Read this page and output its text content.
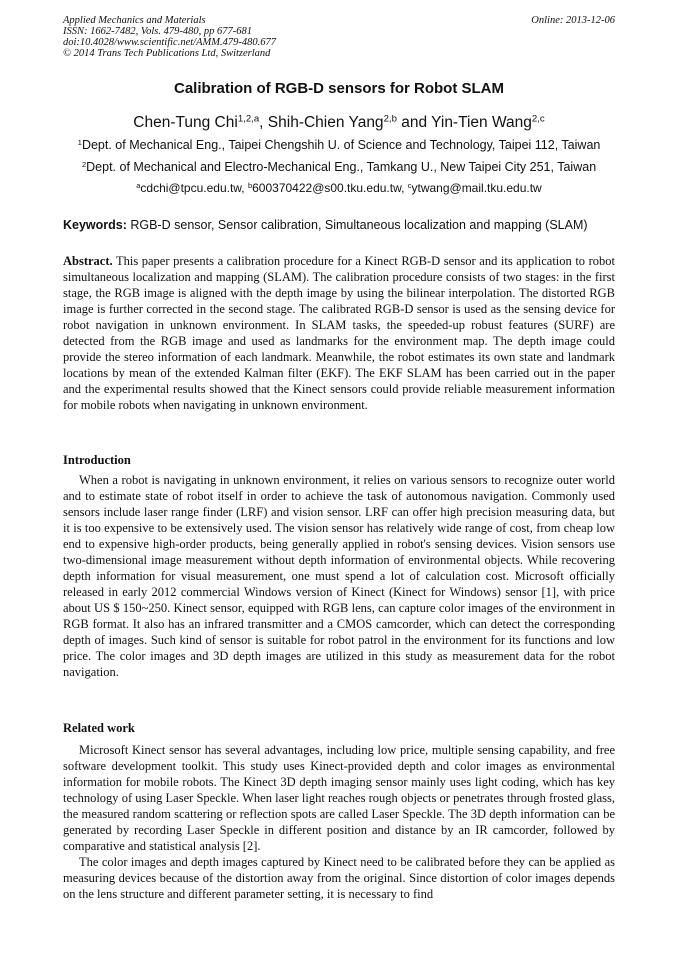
Applied Mechanics and Materials
ISSN: 1662-7482, Vols. 479-480, pp 677-681
doi:10.4028/www.scientific.net/AMM.479-480.677
© 2014 Trans Tech Publications Ltd, Switzerland
Online: 2013-12-06
Calibration of RGB-D sensors for Robot SLAM
Chen-Tung Chi$^{1,2,a}$, Shih-Chien Yang$^{2,b}$ and Yin-Tien Wang$^{2,c}$
$^1$Dept. of Mechanical Eng., Taipei Chengshih U. of Science and Technology, Taipei 112, Taiwan
$^2$Dept. of Mechanical and Electro-Mechanical Eng., Tamkang U., New Taipei City 251, Taiwan
$^a$cdchi@tpcu.edu.tw, $^b$600370422@s00.tku.edu.tw, $^c$ytwang@mail.tku.edu.tw
Keywords: RGB-D sensor, Sensor calibration, Simultaneous localization and mapping (SLAM)

Abstract. This paper presents a calibration procedure for a Kinect RGB-D sensor and its application to robot simultaneous localization and mapping (SLAM). The calibration procedure consists of two stages: in the first stage, the RGB image is aligned with the depth image by using the bilinear interpolation. The distorted RGB image is further corrected in the second stage. The calibrated RGB-D sensor is used as the sensing device for robot navigation in unknown environment. In SLAM tasks, the speeded-up robust features (SURF) are detected from the RGB image and used as landmarks for the environment map. The depth image could provide the stereo information of each landmark. Meanwhile, the robot estimates its own state and landmark locations by mean of the extended Kalman filter (EKF). The EKF SLAM has been carried out in the paper and the experimental results showed that the Kinect sensors could provide reliable measurement information for mobile robots when navigating in unknown environment.

Introduction

When a robot is navigating in unknown environment, it relies on various sensors to recognize outer world and to estimate state of robot itself in order to achieve the task of autonomous navigation. Commonly used sensors include laser range finder (LRF) and vision sensor. LRF can offer high precision measuring data, but it is too expensive to be extensively used. The vision sensor has relatively wide range of cost, from cheap low end to expensive high-order products, being generally applied in robot's sensing devices. Vision sensors use two-dimensional image measurement without depth information of environmental objects. While recovering depth information for visual measurement, one must spend a lot of calculation cost. Microsoft officially released in early 2012 commercial Windows version of Kinect (Kinect for Windows) sensor [1], with price about US $ 150~250. Kinect sensor, equipped with RGB lens, can capture color images of the environment in RGB format. It also has an infrared transmitter and a CMOS camcorder, which can detect the corresponding depth of images. Such kind of sensor is suitable for robot patrol in the environment for its functions and low price. The color images and 3D depth images are utilized in this study as measurement data for the robot navigation.

Related work

Microsoft Kinect sensor has several advantages, including low price, multiple sensing capability, and free software development toolkit. This study uses Kinect-provided depth and color images as environmental information for mobile robots. The Kinect 3D depth imaging sensor mainly uses light coding, which has key technology of using Laser Speckle. When laser light reaches rough objects or penetrates through frosted glass, the measured random scattering or reflection spots are called Laser Speckle. The 3D depth information can be generated by recording Laser Speckle in different position and distance by an IR camcorder, followed by comparative and statistical analysis [2].

The color images and depth images captured by Kinect need to be calibrated before they can be applied as measuring devices because of the distortion away from the original. Since distortion of color images depends on the lens structure and different parameter setting, it is necessary to find
